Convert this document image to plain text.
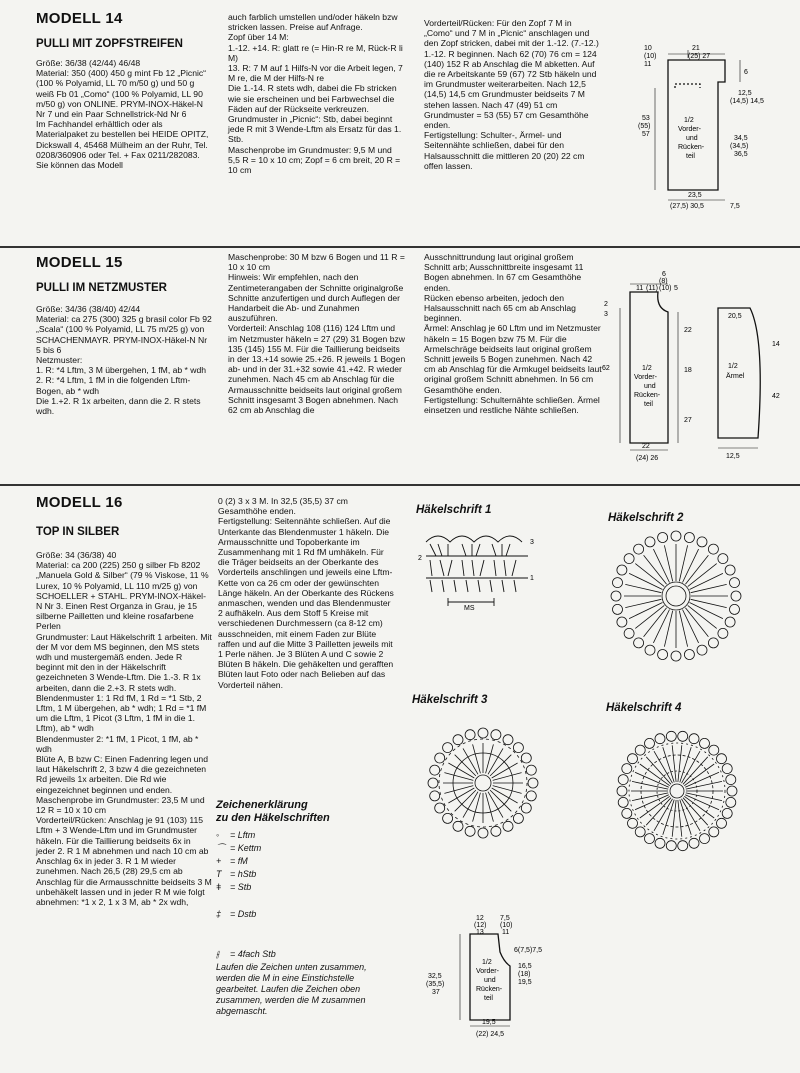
MODELL 14
PULLI MIT ZOPFSTREIFEN
Größe: 36/38 (42/44) 46/48
Material: 350 (400) 450 g mint Fb 12 „Picnic“ (100 % Polyamid, LL 70 m/50 g) und 50 g weiß Fb 01 „Como“ (100 % Polyamid, LL 90 m/50 g) von ONLINE. PRYM-INOX-Häkel-N Nr 7 und ein Paar Schnellstrick-Nd Nr 6
Im Fachhandel erhältlich oder als Materialpaket zu bestellen bei HEIDE OPITZ, Dickswall 4, 45468 Mülheim an der Ruhr, Tel. 0208/360906 oder Tel. + Fax 0211/282083. Sie können das Modell
auch farblich umstellen und/oder häkeln bzw stricken lassen. Preise auf Anfrage.
Zopf über 14 M:
1.-12. +14. R: glatt re (= Hin-R re M, Rück-R li M)
13. R: 7 M auf 1 Hilfs-N vor die Arbeit legen, 7 M re, die M der Hilfs-N re
Die 1.-14. R stets wdh, dabei die Fb stricken wie sie erscheinen und bei Farbwechsel die Fäden auf der Rückseite verkreuzen.
Grundmuster in „Picnic“: Stb, dabei beginnt jede R mit 3 Wende-Lftm als Ersatz für das 1. Stb.
Maschenprobe im Grundmuster: 9,5 M und 5,5 R = 10 x 10 cm; Zopf = 6 cm breit, 20 R = 10 cm
Vorderteil/Rücken: Für den Zopf 7 M in „Como“ und 7 M in „Picnic“ anschlagen und den Zopf stricken, dabei mit der 1.-12. (7.-12.) 1.-12. R beginnen. Nach 62 (70) 76 cm = 124 (140) 152 R ab Anschlag die M abketten. Auf die re Arbeitskante 59 (67) 72 Stb häkeln und im Grundmuster weiterarbeiten. Nach 12,5 (14,5) 14,5 cm Grundmuster beidseits 7 M stehen lassen. Nach 47 (49) 51 cm Grundmuster = 53 (55) 57 cm Gesamthöhe enden.
Fertigstellung: Schulter-, Ärmel- und Seitennähte schließen, dabei für den Halsausschnitt die mittleren 20 (20) 22 cm offen lassen.
10
(10)
11
21
(25) 27
6
12,5
(14,5) 14,5
53
(55)
57
1/2
Vorder-
und
Rücken-
teil
34,5
(34,5)
36,5
23,5
(27,5) 30,5	7,5
MODELL 15
PULLI IM NETZMUSTER
Größe: 34/36 (38/40) 42/44
Material: ca 275 (300) 325 g brasil color Fb 92 „Scala“ (100 % Polyamid, LL 75 m/25 g) von SCHACHENMAYR. PRYM-INOX-Häkel-N Nr 5 bis 6
Netzmuster:
1. R: *4 Lftm, 3 M übergehen, 1 fM, ab * wdh
2. R: *4 Lftm, 1 fM in die folgenden Lftm-Bogen, ab * wdh
Die 1.+2. R 1x arbeiten, dann die 2. R stets wdh.
Maschenprobe: 30 M bzw 6 Bogen und 11 R = 10 x 10 cm
Hinweis: Wir empfehlen, nach den Zentimeterangaben der Schnitte originalgroße Schnitte anzufertigen und durch Auflegen der Handarbeit die Ab- und Zunahmen auszuführen.
Vorderteil: Anschlag 108 (116) 124 Lftm und im Netzmuster häkeln = 27 (29) 31 Bogen bzw 135 (145) 155 M. Für die Taillierung beidseits in der 13.+14 sowie 25.+26. R jeweils 1 Bogen ab- und in der 31.+32 sowie 41.+42. R wieder zunehmen. Nach 45 cm ab Anschlag für die Armausschnitte beidseits laut original großem Schnitt insgesamt 3 Bogen abnehmen. Nach 62 cm ab Anschlag die
Ausschnittrundung laut original großem Schnitt arb; Ausschnittbreite insgesamt 11 Bogen abnehmen. In 67 cm Gesamthöhe enden.
Rücken ebenso arbeiten, jedoch den Halsausschnitt nach 65 cm ab Anschlag beginnen.
Ärmel: Anschlag je 60 Lftm und im Netzmuster häkeln = 15 Bogen bzw 75 M. Für die Armelschräge beidseits laut original großem Schnitt jeweils 5 Bogen zunehmen. Nach 42 cm ab Anschlag für die Armkugel beidseits laut original großem Schnitt abnehmen. In 56 cm Gesamthöhe enden.
Fertigstellung: Schulternähte schließen. Ärmel einsetzen und restliche Nähte schließen.
11 (11)
6
(8)
5
(10)
2
3
62
22
18
27
1/2
Vorder-
und
Rücken-
teil
22
(24) 26
20,5
14
42
1/2
Ärmel
12,5
MODELL 16
TOP IN SILBER
Größe: 34 (36/38) 40
Material: ca 200 (225) 250 g silber Fb 8202 „Manuela Gold & Silber“ (79 % Viskose, 11 % Lurex, 10 % Polyamid, LL 110 m/25 g) von SCHOELLER + STAHL. PRYM-INOX-Häkel-N Nr 3. Einen Rest Organza in Grau, je 15 silberne Pailletten und kleine rosafarbene Perlen
Grundmuster: Laut Häkelschrift 1 arbeiten. Mit der M vor dem MS beginnen, den MS stets wdh und mustergemäß enden. Jede R beginnt mit den in der Häkelschrift gezeichneten 3 Wende-Lftm. Die 1.-3. R 1x arbeiten, dann die 2.+3. R stets wdh.
Blendenmuster 1: 1 Rd fM, 1 Rd = *1 Stb, 2 Lftm, 1 M übergehen, ab * wdh; 1 Rd = *1 fM um die Lftm, 1 Picot (3 Lftm, 1 fM in die 1. Lftm), ab * wdh
Blendenmuster 2: *1 fM, 1 Picot, 1 fM, ab * wdh
Blüte A, B bzw C: Einen Fadenring legen und laut Häkelschrift 2, 3 bzw 4 die gezeichneten Rd jeweils 1x arbeiten. Die Rd wie eingezeichnet beginnen und enden.
Maschenprobe im Grundmuster: 23,5 M und 12 R = 10 x 10 cm
Vorderteil/Rücken: Anschlag je 91 (103) 115 Lftm + 3 Wende-Lftm und im Grundmuster häkeln. Für die Taillierung beidseits 6x in jeder 2. R 1 M abnehmen und nach 10 cm ab Anschlag 6x in jeder 3. R 1 M wieder zunehmen. Nach 26,5 (28) 29,5 cm ab Anschlag für die Armausschnitte beidseits 3 M unbehäkelt lassen und in jeder R M wie folgt abnehmen: *1 x 2, 1 x 3 M, ab * 2x wdh,
0 (2) 3 x 3 M. In 32,5 (35,5) 37 cm Gesamthöhe enden.
Fertigstellung: Seitennähte schließen. Auf die Unterkante das Blendenmuster 1 häkeln. Die Armausschnitte und Topoberkante im Zusammenhang mit 1 Rd fM umhäkeln. Für die Träger beidseits an der Oberkante des Vorderteils anschlingen und jeweils eine Lftm-Kette von ca 26 cm oder der gewünschten Länge häkeln. An der Oberkante des Rückens anmaschen, wenden und das Blendenmuster 2 aufhäkeln. Aus dem Stoff 5 Kreise mit verschiedenen Durchmessern (ca 8-12 cm) ausschneiden, mit einem Faden zur Blüte raffen und auf die Mitte 3 Pailletten jeweils mit 1 Perle nähen. Je 3 Blüten A und C sowie 2 Blüten B häkeln. Die gehäkelten und gerafften Blüten laut Foto oder nach Belieben auf das Vorderteil nähen.
Zeichenerklärung
zu den Häkelschriften
◦ = Lftm
⌒ = Kettm
+ = fM
T = hStb
ǂ = Stb
‡ = Dstb
⫲ = 4fach Stb
Laufen die Zeichen unten zusammen, werden die M in eine Einstichstelle gearbeitet. Laufen die Zeichen oben zusammen, werden die M zusammen abgemascht.
Häkelschrift 1
3
2
1
MS
Häkelschrift 2
Häkelschrift 3
Häkelschrift 4
12
(12)
13
7,5
(10)
11
6(7,5)7,5
16,5
(18)
19,5
32,5
(35,5)
37
1/2
Vorder-
und
Rücken-
teil
19,5
(22) 24,5
